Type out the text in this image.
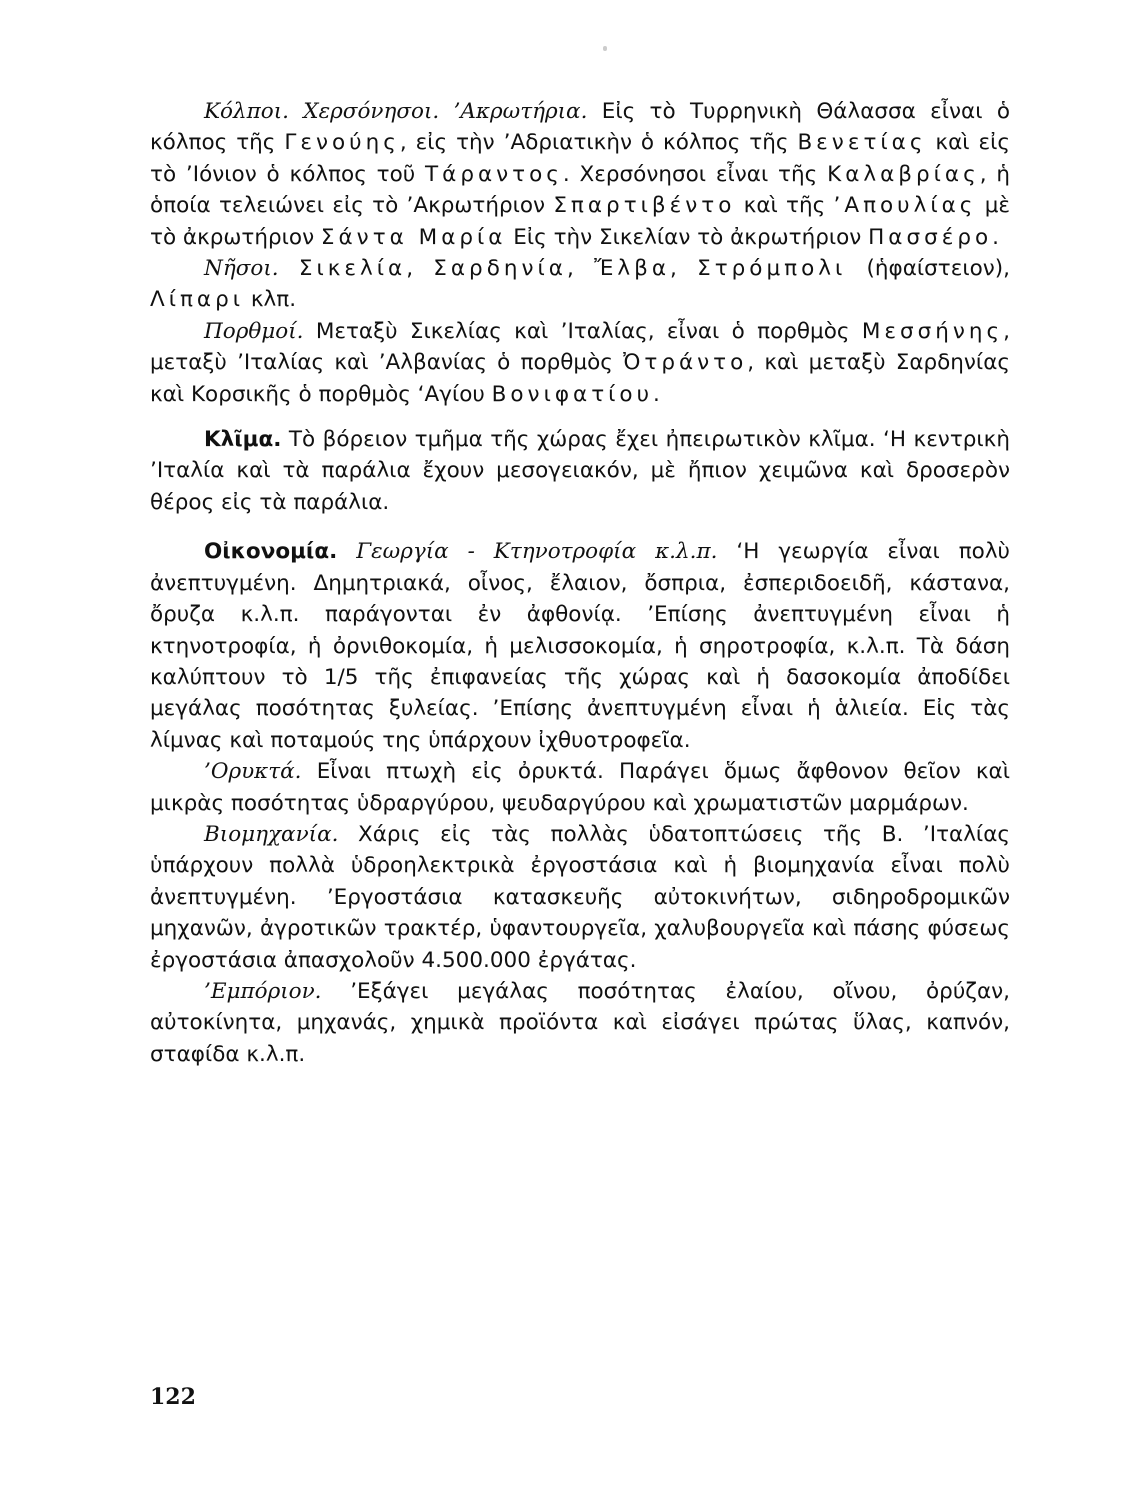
Κόλποι. Χερσόνησοι. ’Ακρωτήρια. Εἰς τὸ Τυρρηνικὴ Θάλασσα εἶναι ὁ κόλπος τῆς Γενούης, εἰς τὴν ’Αδριατικὴν ὁ κόλπος τῆς Βενετίας καὶ εἰς τὸ ’Ιόνιον ὁ κόλπος τοῦ Τάραντος. Χερσόνησοι εἶναι τῆς Καλαβρίας, ἡ ὁποία τελειώνει εἰς τὸ ’Ακρωτήριον Σπαρτιβέντο καὶ τῆς ’Απουλίας μὲ τὸ ἀκρωτήριον Σάντα Μαρία Εἰς τὴν Σικελίαν τὸ ἀκρωτήριον Πασσέρο.

Νῆσοι. Σικελία, Σαρδηνία, Ἔλβα, Στρόμπολι (ἡφαίστειον), Λίπαρι κλπ.

Πορθμοί. Μεταξὺ Σικελίας καὶ ’Ιταλίας, εἶναι ὁ πορθμὸς Μεσσήνης, μεταξὺ ’Ιταλίας καὶ ’Αλβανίας ὁ πορθμὸς Ὀτράντο, καὶ μεταξὺ Σαρδηνίας καὶ Κορσικῆς ὁ πορθμὸς ‘Αγίου Βονιφατίου.

Κλῖμα. Τὸ βόρειον τμῆμα τῆς χώρας ἔχει ἠπειρωτικὸν κλῖμα. ‘Η κεντρικὴ ’Ιταλία καὶ τὰ παράλια ἔχουν μεσογειακόν, μὲ ἤπιον χειμῶνα καὶ δροσερὸν θέρος εἰς τὰ παράλια.

Οἰκονομία. Γεωργία - Κτηνοτροφία κ.λ.π. ‘Η γεωργία εἶναι πολὺ ἀνεπτυγμένη. Δημητριακά, οἶνος, ἔλαιον, ὄσπρια, ἐσπεριδοειδῆ, κάστανα, ὄρυζα κ.λ.π. παράγονται ἐν ἀφθονίᾳ. ’Επίσης ἀνεπτυγμένη εἶναι ἡ κτηνοτροφία, ἡ ὀρνιθοκομία, ἡ μελισσοκομία, ἡ σηροτροφία, κ.λ.π. Τὰ δάση καλύπτουν τὸ 1/5 τῆς ἐπιφανείας τῆς χώρας καὶ ἡ δασοκομία ἀποδίδει μεγάλας ποσότητας ξυλείας. ’Επίσης ἀνεπτυγμένη εἶναι ἡ ἁλιεία. Εἰς τὰς λίμνας καὶ ποταμούς της ὑπάρχουν ἰχθυοτροφεῖα.

’Ορυκτά. Εἶναι πτωχὴ εἰς ὀρυκτά. Παράγει ὅμως ἄφθονον θεῖον καὶ μικρὰς ποσότητας ὑδραργύρου, ψευδαργύρου καὶ χρωματιστῶν μαρμάρων.

Βιομηχανία. Χάρις εἰς τὰς πολλὰς ὑδατοπτώσεις τῆς Β. ’Ιταλίας ὑπάρχουν πολλὰ ὑδροηλεκτρικὰ ἐργοστάσια καὶ ἡ βιομηχανία εἶναι πολὺ ἀνεπτυγμένη. ’Εργοστάσια κατασκευῆς αὐτοκινήτων, σιδηροδρομικῶν μηχανῶν, ἀγροτικῶν τρακτέρ, ὑφαντουργεῖα, χαλυβουργεῖα καὶ πάσης φύσεως ἐργοστάσια ἀπασχολοῦν 4.500.000 ἐργάτας.

’Εμπόριον. ’Εξάγει μεγάλας ποσότητας ἐλαίου, οἴνου, ὀρύζαν, αὐτοκίνητα, μηχανάς, χημικὰ προϊόντα καὶ εἰσάγει πρώτας ὕλας, καπνόν, σταφίδα κ.λ.π.

122
